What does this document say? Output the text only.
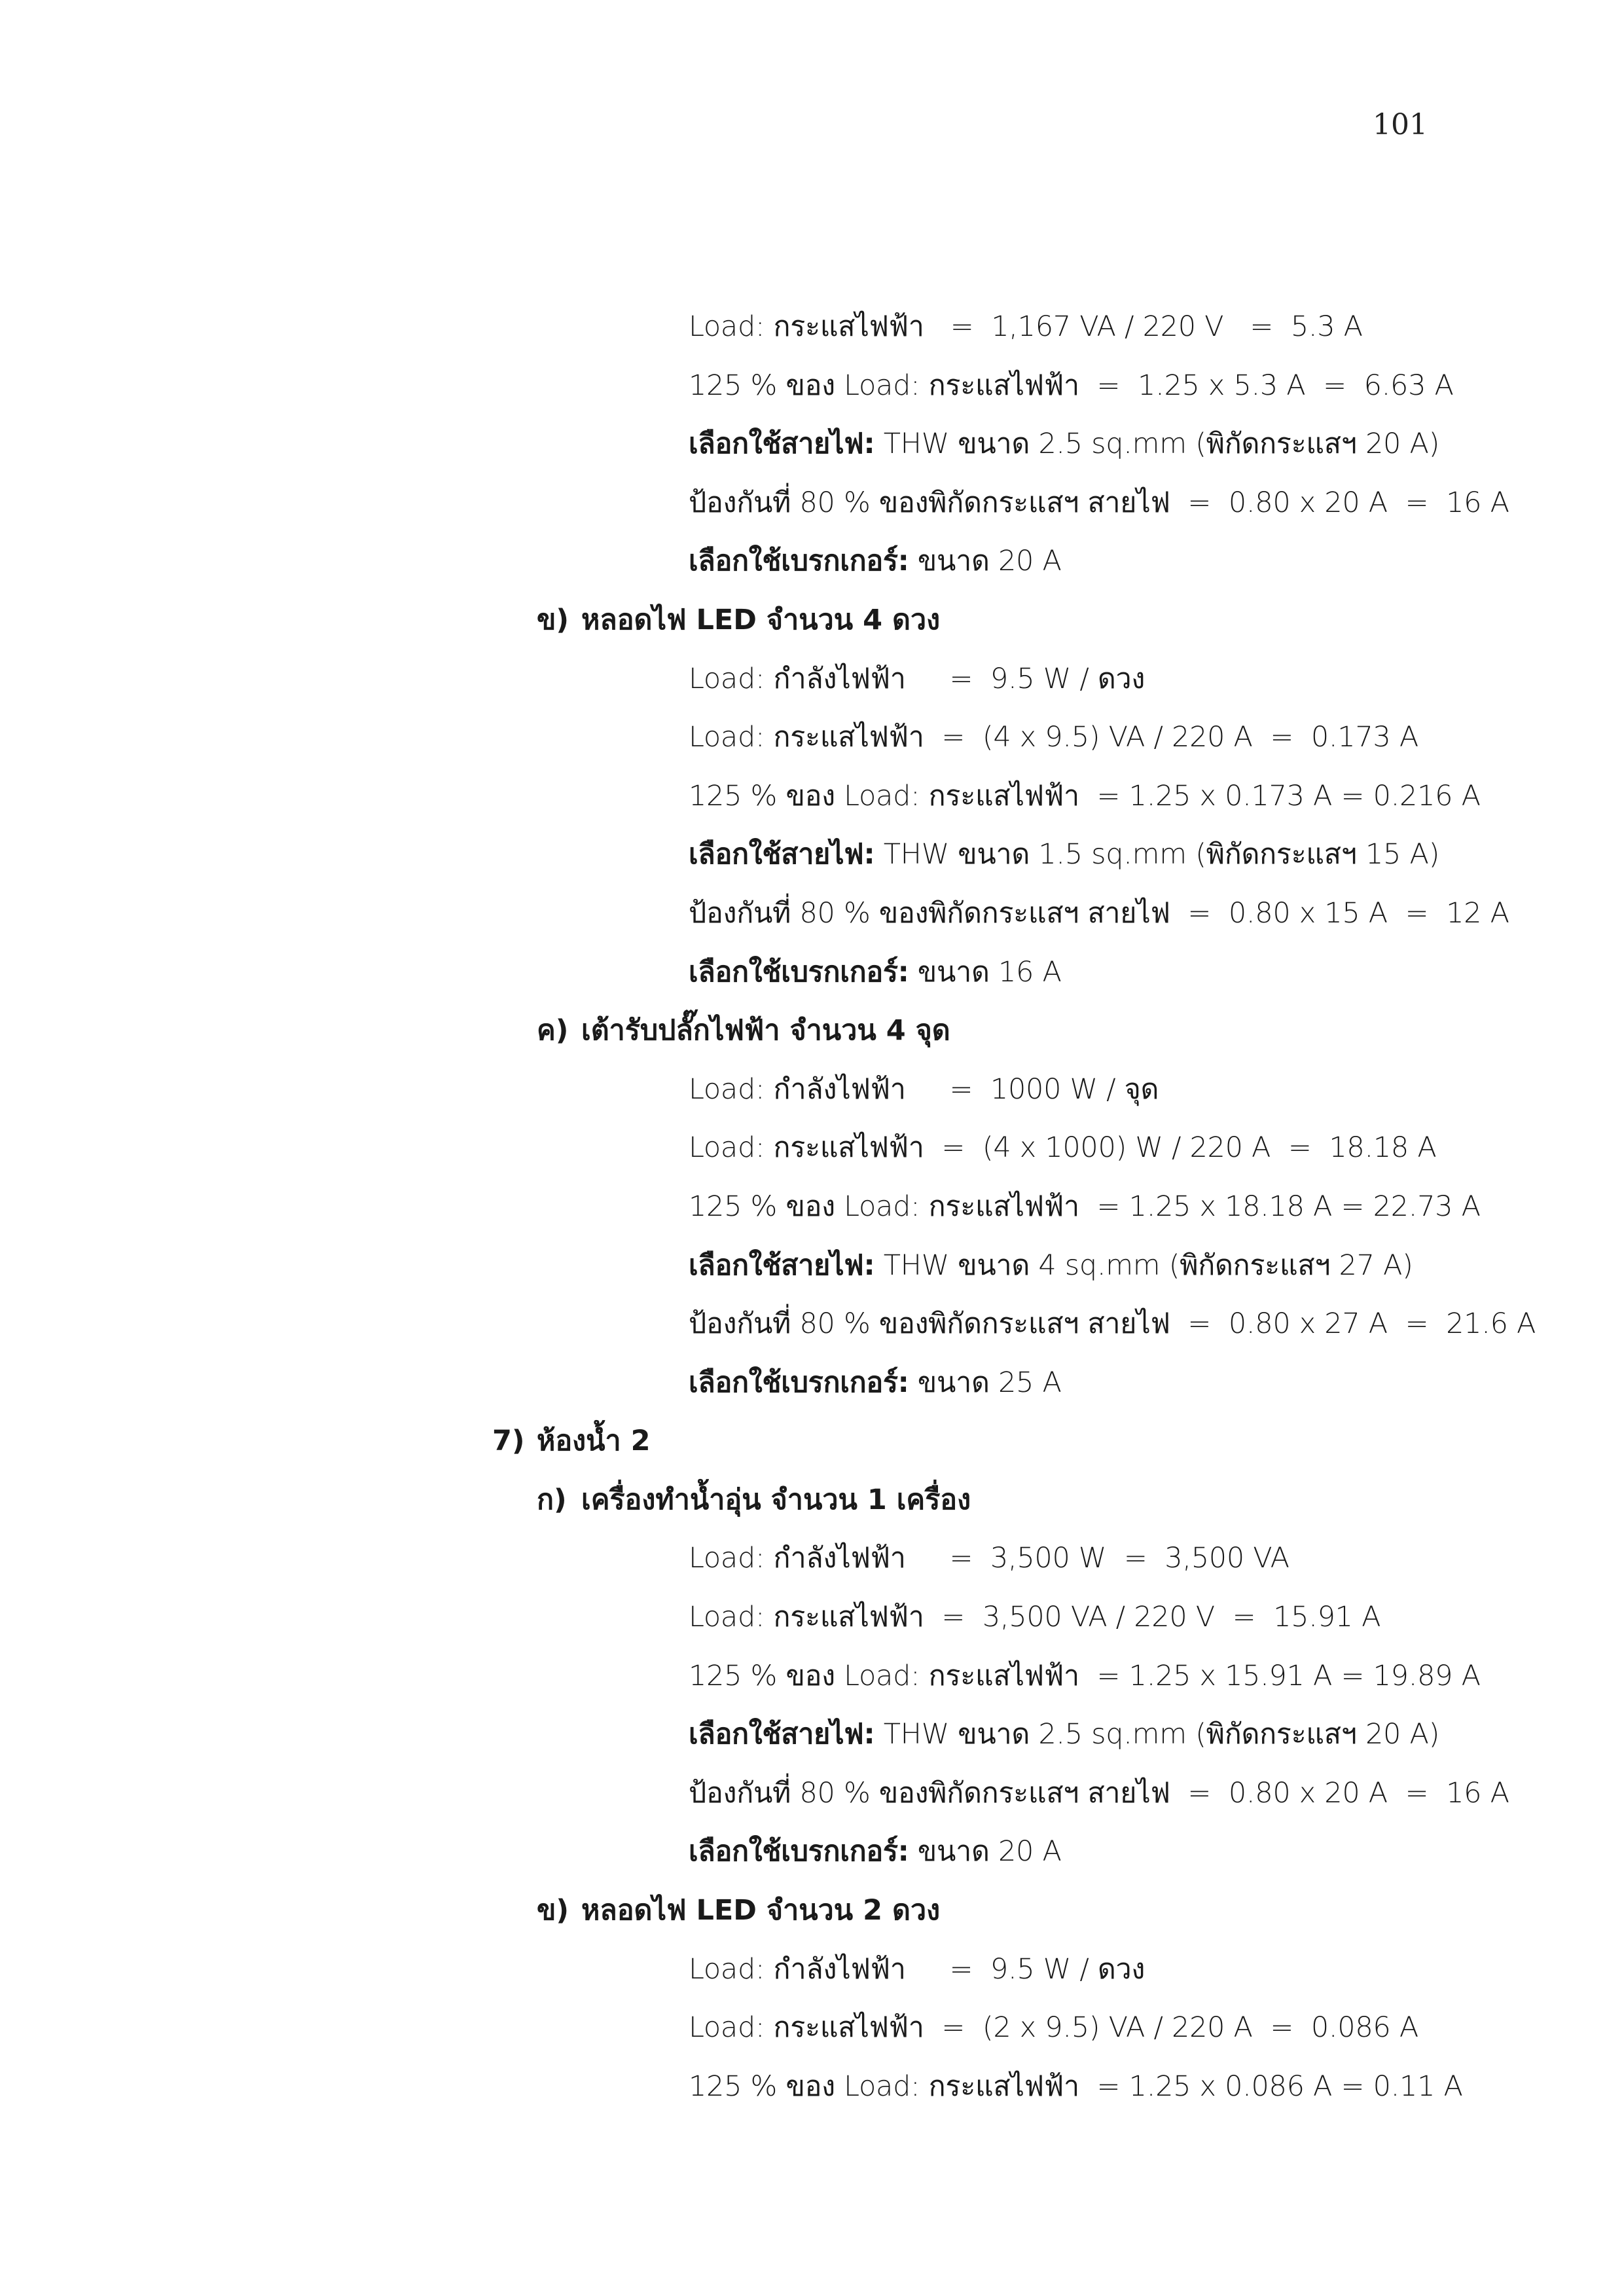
101
Load: กระแสไฟฟ้า   =  1,167 VA / 220 V   =  5.3 A
125 % ของ Load: กระแสไฟฟ้า  =  1.25 x 5.3 A  =  6.63 A
เลือกใช้สายไฟ: THW ขนาด 2.5 sq.mm (พิกัดกระแสฯ 20 A)
ป้องกันที่ 80 % ของพิกัดกระแสฯ สายไฟ  =  0.80 x 20 A  =  16 A
เลือกใช้เบรกเกอร์: ขนาด 20 A
ข) หลอดไฟ LED จำนวน 4 ดวง
Load: กำลังไฟฟ้า     =  9.5 W / ดวง
Load: กระแสไฟฟ้า  =  (4 x 9.5) VA / 220 A  =  0.173 A
125 % ของ Load: กระแสไฟฟ้า  = 1.25 x 0.173 A = 0.216 A
เลือกใช้สายไฟ: THW ขนาด 1.5 sq.mm (พิกัดกระแสฯ 15 A)
ป้องกันที่ 80 % ของพิกัดกระแสฯ สายไฟ  =  0.80 x 15 A  =  12 A
เลือกใช้เบรกเกอร์: ขนาด 16 A
ค) เต้ารับปลั๊กไฟฟ้า จำนวน 4 จุด
Load: กำลังไฟฟ้า     =  1000 W / จุด
Load: กระแสไฟฟ้า  =  (4 x 1000) W / 220 A  =  18.18 A
125 % ของ Load: กระแสไฟฟ้า  = 1.25 x 18.18 A = 22.73 A
เลือกใช้สายไฟ: THW ขนาด 4 sq.mm (พิกัดกระแสฯ 27 A)
ป้องกันที่ 80 % ของพิกัดกระแสฯ สายไฟ  =  0.80 x 27 A  =  21.6 A
เลือกใช้เบรกเกอร์: ขนาด 25 A
7) ห้องน้ำ 2
ก) เครื่องทำน้ำอุ่น จำนวน 1 เครื่อง
Load: กำลังไฟฟ้า     =  3,500 W  =  3,500 VA
Load: กระแสไฟฟ้า  =  3,500 VA / 220 V  =  15.91 A
125 % ของ Load: กระแสไฟฟ้า  = 1.25 x 15.91 A = 19.89 A
เลือกใช้สายไฟ: THW ขนาด 2.5 sq.mm (พิกัดกระแสฯ 20 A)
ป้องกันที่ 80 % ของพิกัดกระแสฯ สายไฟ  =  0.80 x 20 A  =  16 A
เลือกใช้เบรกเกอร์: ขนาด 20 A
ข) หลอดไฟ LED จำนวน 2 ดวง
Load: กำลังไฟฟ้า     =  9.5 W / ดวง
Load: กระแสไฟฟ้า  =  (2 x 9.5) VA / 220 A  =  0.086 A
125 % ของ Load: กระแสไฟฟ้า  = 1.25 x 0.086 A = 0.11 A
